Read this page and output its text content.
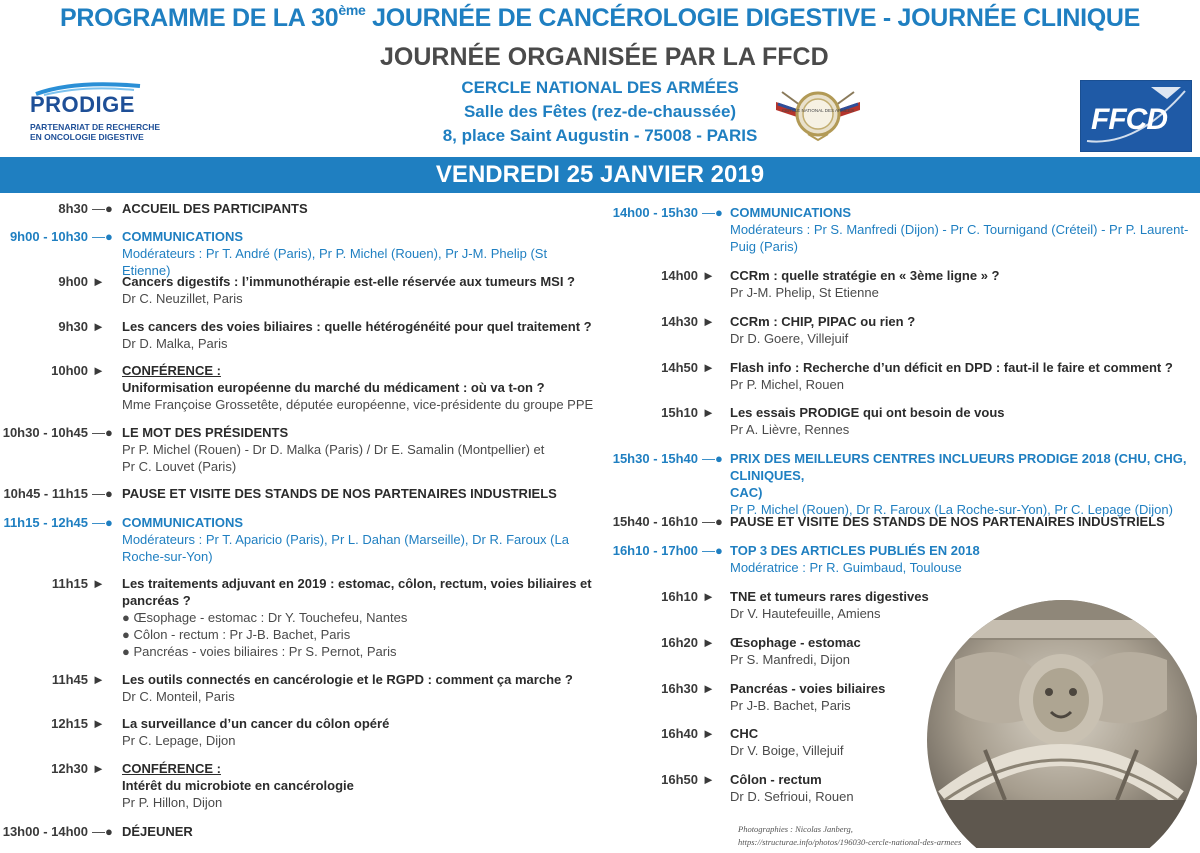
PROGRAMME DE LA 30ème JOURNÉE DE CANCÉROLOGIE DIGESTIVE - JOURNÉE CLINIQUE
JOURNÉE ORGANISÉE PAR LA FFCD
CERCLE NATIONAL DES ARMÉES
Salle des Fêtes (rez-de-chaussée)
8, place Saint Augustin - 75008 - PARIS
PRODIGE
PARTENARIAT DE RECHERCHE
EN ONCOLOGIE DIGESTIVE
CERCLE NATIONAL DES ARMÉES	FFCD
VENDREDI 25 JANVIER 2019
8h30 —● ACCUEIL DES PARTICIPANTS
9h00 - 10h30 —● COMMUNICATIONS
Modérateurs : Pr T. André (Paris), Pr P. Michel (Rouen), Pr J-M. Phelip (St Etienne)
9h00 ► Cancers digestifs : l’immunothérapie est-elle réservée aux tumeurs MSI ?
Dr C. Neuzillet, Paris
9h30 ► Les cancers des voies biliaires : quelle hétérogénéité pour quel traitement ?
Dr D. Malka, Paris
10h00 ► CONFÉRENCE :
Uniformisation européenne du marché du médicament : où va t-on ?
Mme Françoise Grossetête, députée européenne, vice-présidente du groupe PPE
10h30 - 10h45 —● LE MOT DES PRÉSIDENTS
Pr P. Michel (Rouen) - Dr D. Malka (Paris) / Dr E. Samalin (Montpellier) et
Pr C. Louvet (Paris)
10h45 - 11h15 —● PAUSE ET VISITE DES STANDS DE NOS PARTENAIRES INDUSTRIELS
11h15 - 12h45 —● COMMUNICATIONS
Modérateurs : Pr T. Aparicio (Paris), Pr L. Dahan (Marseille), Dr R. Faroux (La
Roche-sur-Yon)
11h15 ► Les traitements adjuvant en 2019 : estomac, côlon, rectum, voies biliaires et
pancréas ?
● Œsophage - estomac : Dr Y. Touchefeu, Nantes
● Côlon - rectum : Pr J-B. Bachet, Paris
● Pancréas - voies biliaires : Pr S. Pernot, Paris
11h45 ► Les outils connectés en cancérologie et le RGPD : comment ça marche ?
Dr C. Monteil, Paris
12h15 ► La surveillance d’un cancer du côlon opéré
Pr C. Lepage, Dijon
12h30 ► CONFÉRENCE :
Intérêt du microbiote en cancérologie
Pr P. Hillon, Dijon
13h00 - 14h00 —● DÉJEUNER
14h00 - 15h30 —● COMMUNICATIONS
Modérateurs : Pr S. Manfredi (Dijon) - Pr C. Tournigand (Créteil) - Pr P. Laurent-
Puig (Paris)
14h00 ► CCRm : quelle stratégie en « 3ème ligne » ?
Pr J-M. Phelip, St Etienne
14h30 ► CCRm : CHIP, PIPAC ou rien ?
Dr D. Goere, Villejuif
14h50 ► Flash info : Recherche d’un déficit en DPD : faut-il le faire et comment ?
Pr P. Michel, Rouen
15h10 ► Les essais PRODIGE qui ont besoin de vous
Pr A. Lièvre, Rennes
15h30 - 15h40 —● PRIX DES MEILLEURS CENTRES INCLUEURS PRODIGE 2018 (CHU, CHG, CLINIQUES,
CAC)
Pr P. Michel (Rouen), Dr R. Faroux (La Roche-sur-Yon), Pr C. Lepage (Dijon)
15h40 - 16h10 —● PAUSE ET VISITE DES STANDS DE NOS PARTENAIRES INDUSTRIELS
16h10 - 17h00 —● TOP 3 DES ARTICLES PUBLIÉS EN 2018
Modératrice : Pr R. Guimbaud, Toulouse
16h10 ► TNE et tumeurs rares digestives
Dr V. Hautefeuille, Amiens
16h20 ► Œsophage - estomac
Pr S. Manfredi, Dijon
16h30 ► Pancréas - voies biliaires
Pr J-B. Bachet, Paris
16h40 ► CHC
Dr V. Boige, Villejuif
16h50 ► Côlon - rectum
Dr D. Sefrioui, Rouen
Photographies : Nicolas Janberg,
https://structurae.info/photos/196030-cercle-national-des-armees
